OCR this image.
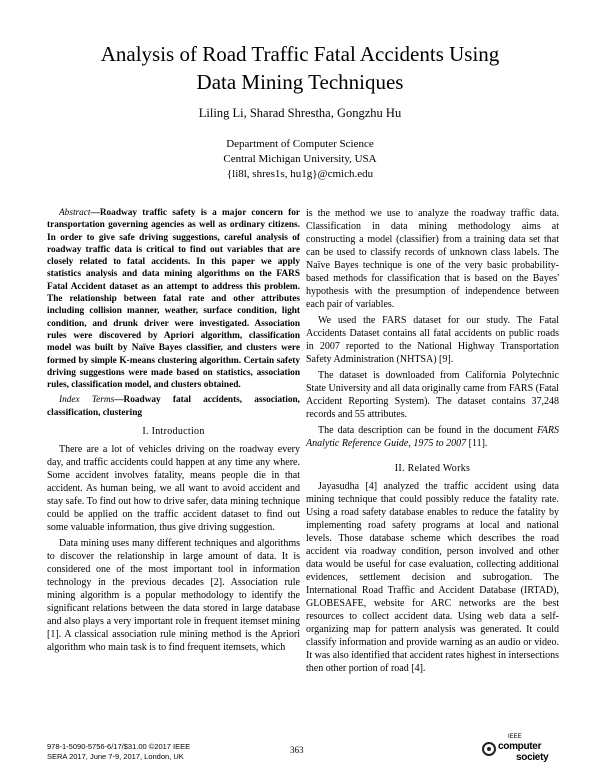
Analysis of Road Traffic Fatal Accidents Using
Data Mining Techniques
Liling Li, Sharad Shrestha, Gongzhu Hu
Department of Computer Science
Central Michigan University, USA
{li8l, shres1s, hu1g}@cmich.edu

Abstract—Roadway traffic safety is a major concern for transportation governing agencies as well as ordinary citizens. In order to give safe driving suggestions, careful analysis of roadway traffic data is critical to find out variables that are closely related to fatal accidents. In this paper we apply statistics analysis and data mining algorithms on the FARS Fatal Accident dataset as an attempt to address this problem. The relationship between fatal rate and other attributes including collision manner, weather, surface condition, light condition, and drunk driver were investigated. Association rules were discovered by Apriori algorithm, classification model was built by Naïve Bayes classifier, and clusters were formed by simple K-means clustering algorithm. Certain safety driving suggestions were made based on statistics, association rules, classification model, and clusters obtained.

Index Terms—Roadway fatal accidents, association, classification, clustering

I. Introduction

There are a lot of vehicles driving on the roadway every day, and traffic accidents could happen at any time any where. Some accident involves fatality, means people die in that accident. As human being, we all want to avoid accident and stay safe. To find out how to drive safer, data mining technique could be applied on the traffic accident dataset to find out some valuable information, thus give driving suggestion.

Data mining uses many different techniques and algorithms to discover the relationship in large amount of data. It is considered one of the most important tool in information technology in the previous decades [2]. Association rule mining algorithm is a popular methodology to identify the significant relations between the data stored in large database and also plays a very important role in frequent itemset mining [1]. A classical association rule mining method is the Apriori algorithm who main task is to find frequent itemsets, which

is the method we use to analyze the roadway traffic data. Classification in data mining methodology aims at constructing a model (classifier) from a training data set that can be used to classify records of unknown class labels. The Naïve Bayes technique is one of the very basic probability-based methods for classification that is based on the Bayes' hypothesis with the presumption of independence between each pair of variables.

We used the FARS dataset for our study. The Fatal Accidents Dataset contains all fatal accidents on public roads in 2007 reported to the National Highway Transportation Safety Administration (NHTSA) [9].

The dataset is downloaded from California Polytechnic State University and all data originally came from FARS (Fatal Accident Reporting System). The dataset contains 37,248 records and 55 attributes.

The data description can be found in the document FARS Analytic Reference Guide, 1975 to 2007 [11].

II. Related Works

Jayasudha [4] analyzed the traffic accident using data mining technique that could possibly reduce the fatality rate. Using a road safety database enables to reduce the fatality by implementing road safety programs at local and national levels. Those database scheme which describes the road accident via roadway condition, person involved and other data would be useful for case evaluation, collecting additional evidences, settlement decision and subrogation. The International Road Traffic and Accident Database (IRTAD), GLOBESAFE, website for ARC networks are the best resources to collect accident data. Using web data a self-organizing map for pattern analysis was generated. It could classify information and provide warning as an audio or video. It was also identified that accident rates highest in intersections then other portion of road [4].

978-1-5090-5756-6/17/$31.00 ©2017 IEEE
SERA 2017, June 7-9, 2017, London, UK
363
IEEE
computer
society
